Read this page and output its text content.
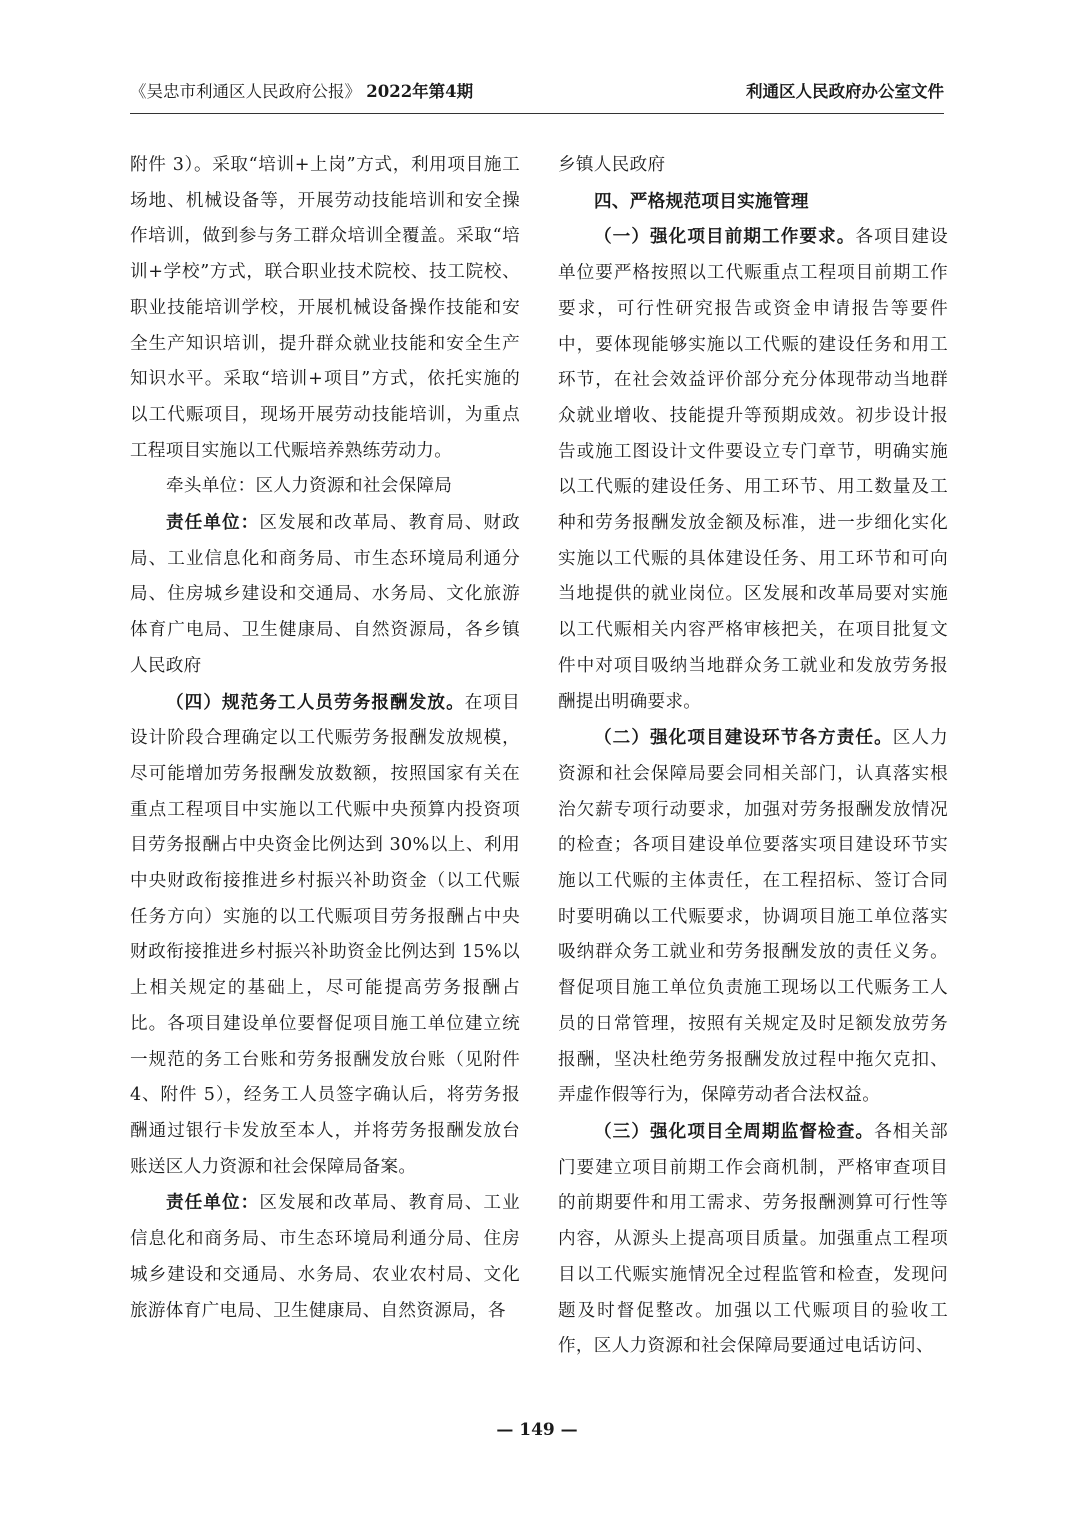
《吴忠市利通区人民政府公报》 2022年第4期	利通区人民政府办公室文件

附件 3）。采取“培训+上岗”方式，利用项目施工场地、机械设备等，开展劳动技能培训和安全操作培训，做到参与务工群众培训全覆盖。采取“培训+学校”方式，联合职业技术院校、技工院校、职业技能培训学校，开展机械设备操作技能和安全生产知识培训，提升群众就业技能和安全生产知识水平。采取“培训+项目”方式，依托实施的以工代赈项目，现场开展劳动技能培训，为重点工程项目实施以工代赈培养熟练劳动力。

牵头单位：区人力资源和社会保障局

责任单位：区发展和改革局、教育局、财政局、工业信息化和商务局、市生态环境局利通分局、住房城乡建设和交通局、水务局、文化旅游体育广电局、卫生健康局、自然资源局，各乡镇人民政府

（四）规范务工人员劳务报酬发放。在项目设计阶段合理确定以工代赈劳务报酬发放规模，尽可能增加劳务报酬发放数额，按照国家有关在重点工程项目中实施以工代赈中央预算内投资项目劳务报酬占中央资金比例达到 30%以上、利用中央财政衔接推进乡村振兴补助资金（以工代赈任务方向）实施的以工代赈项目劳务报酬占中央财政衔接推进乡村振兴补助资金比例达到 15%以上相关规定的基础上，尽可能提高劳务报酬占比。各项目建设单位要督促项目施工单位建立统一规范的务工台账和劳务报酬发放台账（见附件 4、附件 5），经务工人员签字确认后，将劳务报酬通过银行卡发放至本人，并将劳务报酬发放台账送区人力资源和社会保障局备案。

责任单位：区发展和改革局、教育局、工业信息化和商务局、市生态环境局利通分局、住房城乡建设和交通局、水务局、农业农村局、文化旅游体育广电局、卫生健康局、自然资源局，各

乡镇人民政府

四、严格规范项目实施管理

（一）强化项目前期工作要求。各项目建设单位要严格按照以工代赈重点工程项目前期工作要求，可行性研究报告或资金申请报告等要件中，要体现能够实施以工代赈的建设任务和用工环节，在社会效益评价部分充分体现带动当地群众就业增收、技能提升等预期成效。初步设计报告或施工图设计文件要设立专门章节，明确实施以工代赈的建设任务、用工环节、用工数量及工种和劳务报酬发放金额及标准，进一步细化实化实施以工代赈的具体建设任务、用工环节和可向当地提供的就业岗位。区发展和改革局要对实施以工代赈相关内容严格审核把关，在项目批复文件中对项目吸纳当地群众务工就业和发放劳务报酬提出明确要求。

（二）强化项目建设环节各方责任。区人力资源和社会保障局要会同相关部门，认真落实根治欠薪专项行动要求，加强对劳务报酬发放情况的检查；各项目建设单位要落实项目建设环节实施以工代赈的主体责任，在工程招标、签订合同时要明确以工代赈要求，协调项目施工单位落实吸纳群众务工就业和劳务报酬发放的责任义务。督促项目施工单位负责施工现场以工代赈务工人员的日常管理，按照有关规定及时足额发放劳务报酬，坚决杜绝劳务报酬发放过程中拖欠克扣、弄虚作假等行为，保障劳动者合法权益。

（三）强化项目全周期监督检查。各相关部门要建立项目前期工作会商机制，严格审查项目的前期要件和用工需求、劳务报酬测算可行性等内容，从源头上提高项目质量。加强重点工程项目以工代赈实施情况全过程监管和检查，发现问题及时督促整改。加强以工代赈项目的验收工作，区人力资源和社会保障局要通过电话访问、

— 149 —
